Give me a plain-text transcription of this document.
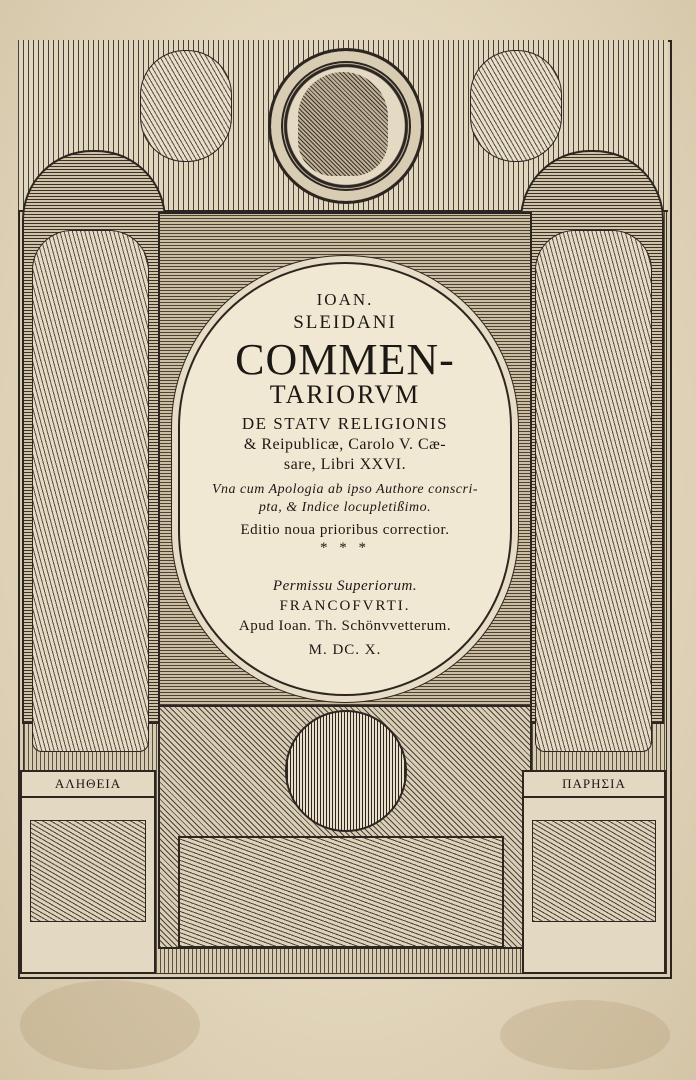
IOAN.
SLEIDANI
COMMEN-
TARIORVM
DE STATV RELIGIONIS
& Reipublicæ, Carolo V. Cæ-
sare, Libri XXVI.
Vna cum Apologia ab ipso Authore conscri-
pta, & Indice locupletißimo.
Editio noua prioribus correctior.
* * *
Permissu Superiorum.
FRANCOFVRTI.
Apud Ioan. Th. Schönvvetterum.
M. DC. X.
ΑΛΗΘΕΙΑ	ΠΑΡΗΣΙΑ
